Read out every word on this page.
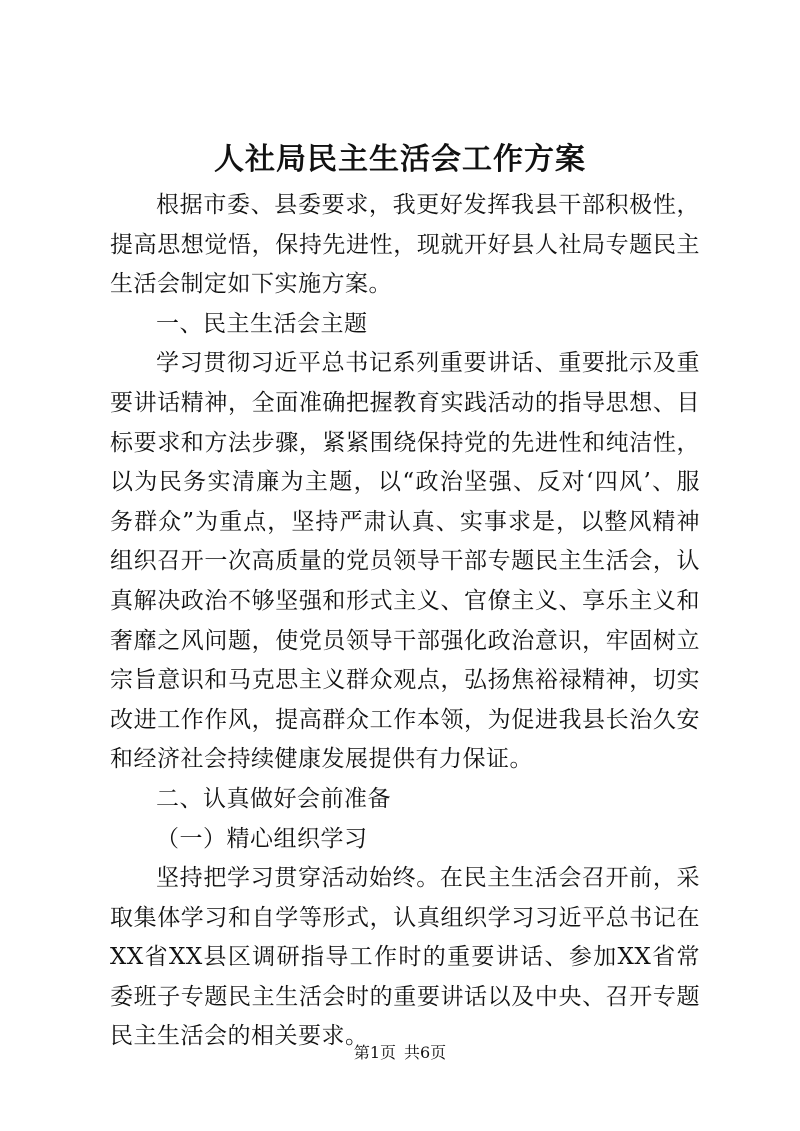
人社局民主生活会工作方案

根据市委、县委要求，我更好发挥我县干部积极性，提高思想觉悟，保持先进性，现就开好县人社局专题民主生活会制定如下实施方案。

一、民主生活会主题

学习贯彻习近平总书记系列重要讲话、重要批示及重要讲话精神，全面准确把握教育实践活动的指导思想、目标要求和方法步骤，紧紧围绕保持党的先进性和纯洁性，以为民务实清廉为主题，以“政治坚强、反对‘四风’、服务群众”为重点，坚持严肃认真、实事求是，以整风精神组织召开一次高质量的党员领导干部专题民主生活会，认真解决政治不够坚强和形式主义、官僚主义、享乐主义和奢靡之风问题，使党员领导干部强化政治意识，牢固树立宗旨意识和马克思主义群众观点，弘扬焦裕禄精神，切实改进工作作风，提高群众工作本领，为促进我县长治久安和经济社会持续健康发展提供有力保证。

二、认真做好会前准备

（一）精心组织学习

坚持把学习贯穿活动始终。在民主生活会召开前，采取集体学习和自学等形式，认真组织学习习近平总书记在XX省XX县区调研指导工作时的重要讲话、参加XX省常委班子专题民主生活会时的重要讲话以及中央、召开专题民主生活会的相关要求。

第1页 共6页
